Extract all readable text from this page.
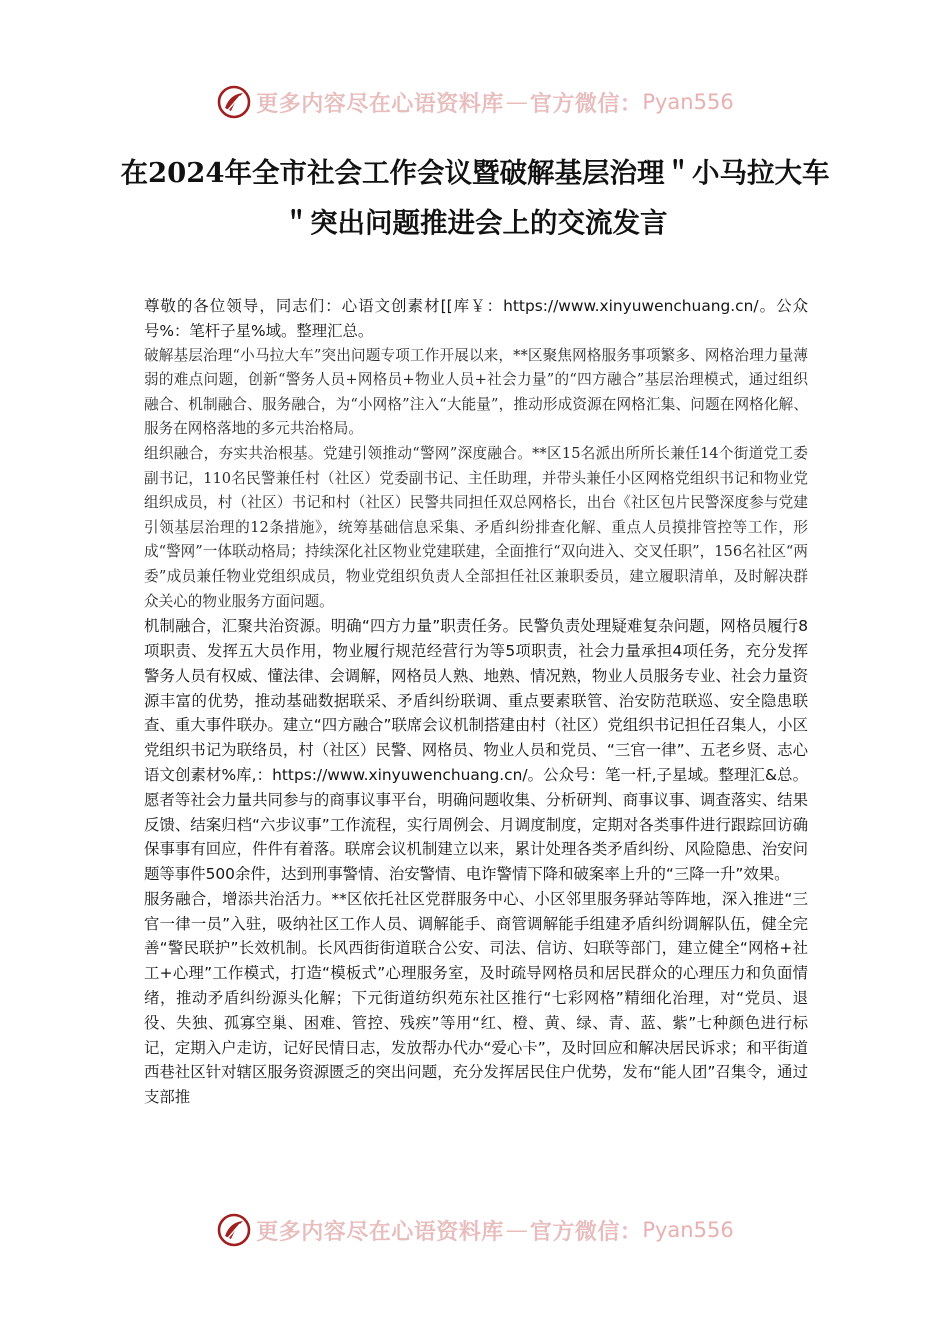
更多内容尽在心语资料库 — 官方微信： Pyan556
在2024年全市社会工作会议暨破解基层治理＂小马拉大车＂突出问题推进会上的交流发言

尊敬的各位领导，同志们：心语文创素材[[库￥：https://www.xinyuwenchuang.cn/。公众号%：笔杆子星%域。整理汇总。

破解基层治理“小马拉大车”突出问题专项工作开展以来，**区聚焦网格服务事项繁多、网格治理力量薄弱的难点问题，创新“警务人员+网格员+物业人员+社会力量”的“四方融合”基层治理模式，通过组织融合、机制融合、服务融合，为“小网格”注入“大能量”，推动形成资源在网格汇集、问题在网格化解、服务在网格落地的多元共治格局。

组织融合，夯实共治根基。党建引领推动“警网”深度融合。**区15名派出所所长兼任14个街道党工委副书记，110名民警兼任村（社区）党委副书记、主任助理，并带头兼任小区网格党组织书记和物业党组织成员，村（社区）书记和村（社区）民警共同担任双总网格长，出台《社区包片民警深度参与党建引领基层治理的12条措施》，统筹基础信息采集、矛盾纠纷排查化解、重点人员摸排管控等工作，形成“警网”一体联动格局；持续深化社区物业党建联建，全面推行“双向进入、交叉任职”，156名社区“两委”成员兼任物业党组织成员，物业党组织负责人全部担任社区兼职委员，建立履职清单，及时解决群众关心的物业服务方面问题。

机制融合，汇聚共治资源。明确“四方力量”职责任务。民警负责处理疑难复杂问题，网格员履行8项职责、发挥五大员作用，物业履行规范经营行为等5项职责，社会力量承担4项任务，充分发挥警务人员有权威、懂法律、会调解，网格员人熟、地熟、情况熟，物业人员服务专业、社会力量资源丰富的优势，推动基础数据联采、矛盾纠纷联调、重点要素联管、治安防范联巡、安全隐患联查、重大事件联办。建立“四方融合”联席会议机制搭建由村（社区）党组织书记担任召集人，小区党组织书记为联络员，村（社区）民警、网格员、物业人员和党员、“三官一律”、五老乡贤、志心语文创素材%库,：https://www.xinyuwenchuang.cn/。公众号：笔一杆,子星域。整理汇&总。愿者等社会力量共同参与的商事议事平台，明确问题收集、分析研判、商事议事、调查落实、结果反馈、结案归档“六步议事”工作流程，实行周例会、月调度制度，定期对各类事件进行跟踪回访确保事事有回应，件件有着落。联席会议机制建立以来，累计处理各类矛盾纠纷、风险隐患、治安问题等事件500余件，达到刑事警情、治安警情、电诈警情下降和破案率上升的“三降一升”效果。

服务融合，增添共治活力。**区依托社区党群服务中心、小区邻里服务驿站等阵地，深入推进“三官一律一员”入驻，吸纳社区工作人员、调解能手、商管调解能手组建矛盾纠纷调解队伍，健全完善“警民联护”长效机制。长风西街街道联合公安、司法、信访、妇联等部门，建立健全“网格+社工+心理”工作模式，打造“模板式”心理服务室，及时疏导网格员和居民群众的心理压力和负面情绪，推动矛盾纠纷源头化解；下元街道纺织苑东社区推行“七彩网格”精细化治理，对“党员、退役、失独、孤寡空巢、困难、管控、残疾”等用“红、橙、黄、绿、青、蓝、紫”七种颜色进行标记，定期入户走访，记好民情日志，发放帮办代办“爱心卡”，及时回应和解决居民诉求；和平街道西巷社区针对辖区服务资源匮乏的突出问题，充分发挥居民住户优势，发布“能人团”召集令，通过支部推

更多内容尽在心语资料库 — 官方微信： Pyan556
